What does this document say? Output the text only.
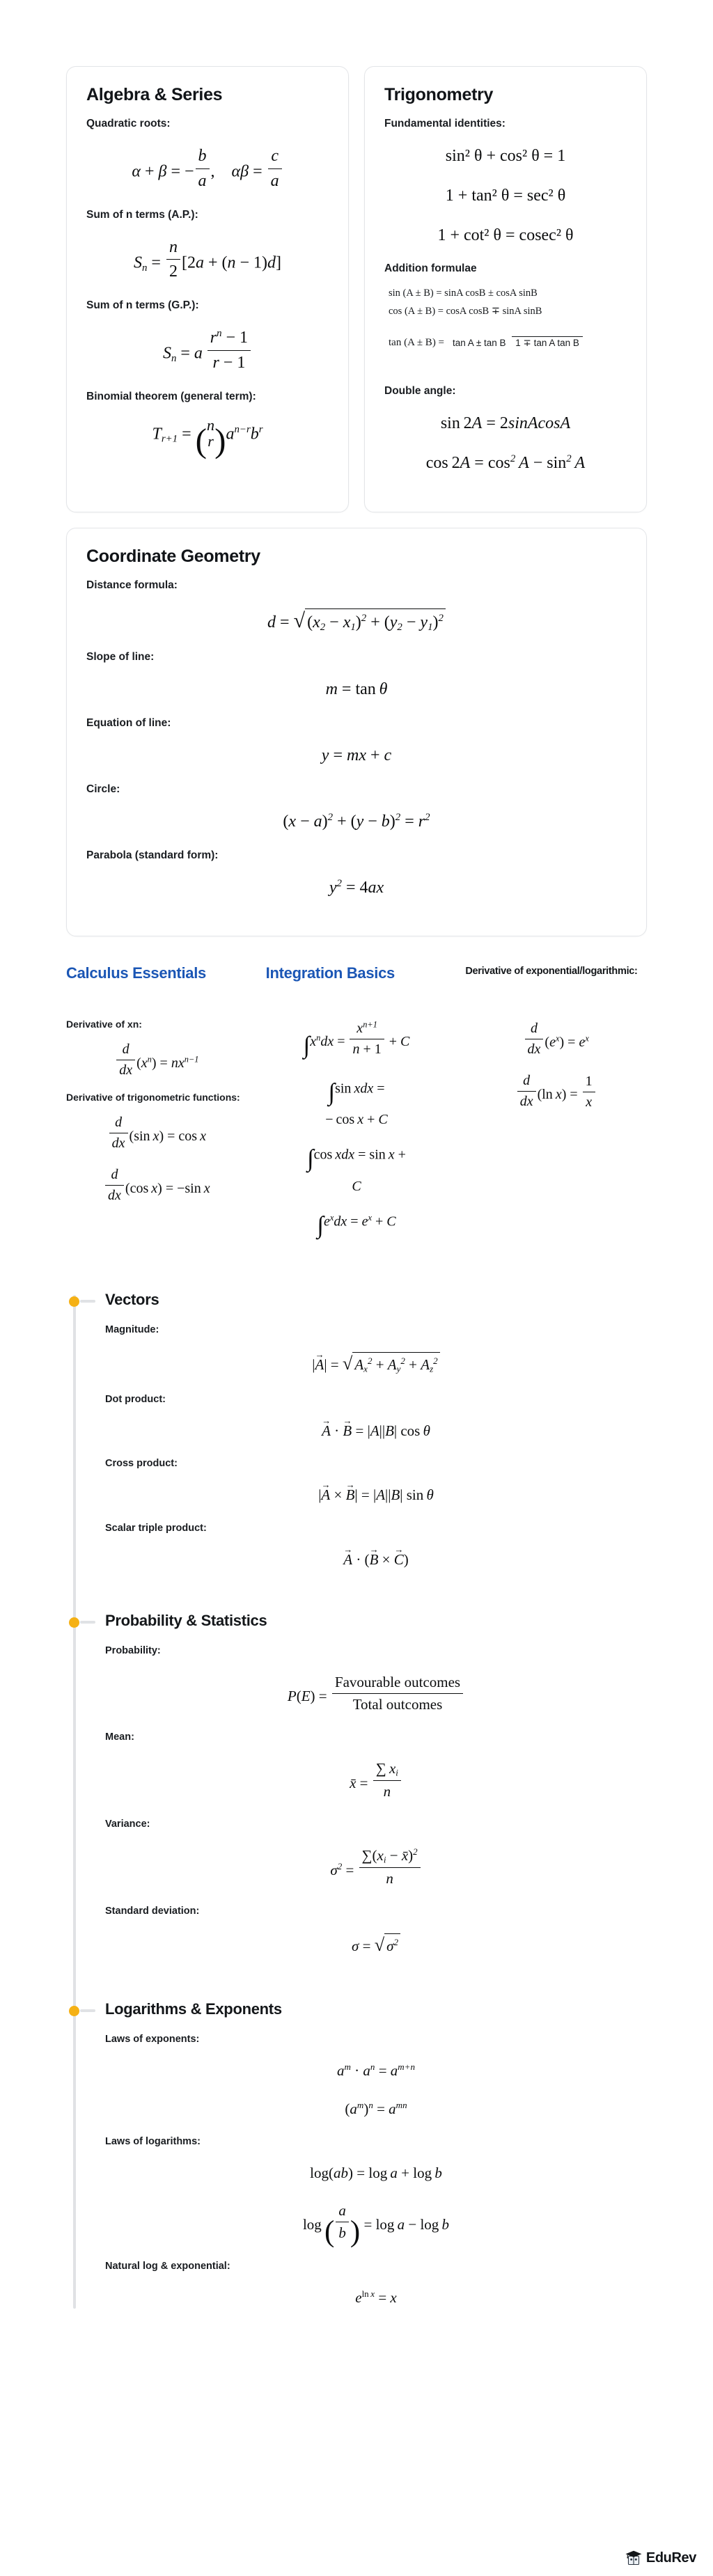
Algebra & Series
Quadratic roots:
α + β = − $\frac{b}{a}$ ,    $\alpha\beta = \frac{c}{a}$
Sum of n terms (A.P.):
$S_n = \frac{n}{2} [2a + (n - 1)d]$
Sum of n terms (G.P.):
$S_n = a \frac{r^n - 1}{r - 1}$
Binomial theorem (general term):
$T_{r+1}$ = ( n
r )$a^{n-r}b^r$
Trigonometry
Fundamental identities:
sin² θ + cos² θ = 1
1 + tan² θ = sec² θ
1 + cot² θ = cosec² θ
Addition formulae
sin (A ± B) = sinA cosB ± cosA sinB
cos (A ± B) = cosA cosB ∓ sinA sinB
tan (A ± B) = tan A ± tan B 1 ∓ tan A tan B
Double angle:
sin 2A = 2sinAcosA
$\cos 2A = \cos^2 A - \sin^2 A$
Coordinate Geometry
Distance formula:
d = √ $(x_2 - x_1)^2 + (y_2 - y_1)^2$
Slope of line:
m = tan  θ
Equation of line:
y = mx + c
Circle:
$(x - a)^2 + (y - b)^2 = r^2$
Parabola (standard form):
$y^2 = 4ax$
Calculus Essentials
Derivative of xn:
$\frac{d}{dx} (x^n) = nx^{n-1}$
Derivative of trigonometric functions:
$\frac{d}{dx} (\sin$  x) = cos  x
$\frac{d}{dx} (\cos$  x) = −sin  x
Integration Basics
$\int x^ndx = \frac{x^{n+1}}{n + 1} + C$
∫sin  xdx =
− cos  x + C
∫cos  xdx = sin  x +
C
$\int e^xdx = e^x + C$
Derivative of exponential/logarithmic:
$\frac{d}{dx} (e^x) = e^x$
$\frac{d}{dx} (\ln$  $x) = \frac{1}{x}$
Vectors
Magnitude:
|A →| = √ $A_x^2 + A_y^2 + A_z^2$
Dot product:
A → · B → = |A||B| cos  θ
Cross product:
|A → × B →| = |A||B| sin  θ
Scalar triple product:
A → · (B → × C →)
Probability & Statistics
Probability:
$P(E) = \frac{\text{Favourable outcomes}}{\text{Total outcomes}}$
Mean:
x̄ = $\frac{\sum x_i}{n}$
Variance:
$\sigma^2 = \frac{\sum(x_i - x̄)^2}{n}$
Standard deviation:
σ = √ $\sigma^2$
Logarithms & Exponents
Laws of exponents:
$a^m \cdot a^n = a^{m+n}$
$(a^m)^n = a^{mn}$
Laws of logarithms:
log(ab) = log  a + log  b
log ( $\frac{a}{b}$ ) = log  a − log  b
Natural log & exponential:
$e^{ln x} = x$
EduRev
